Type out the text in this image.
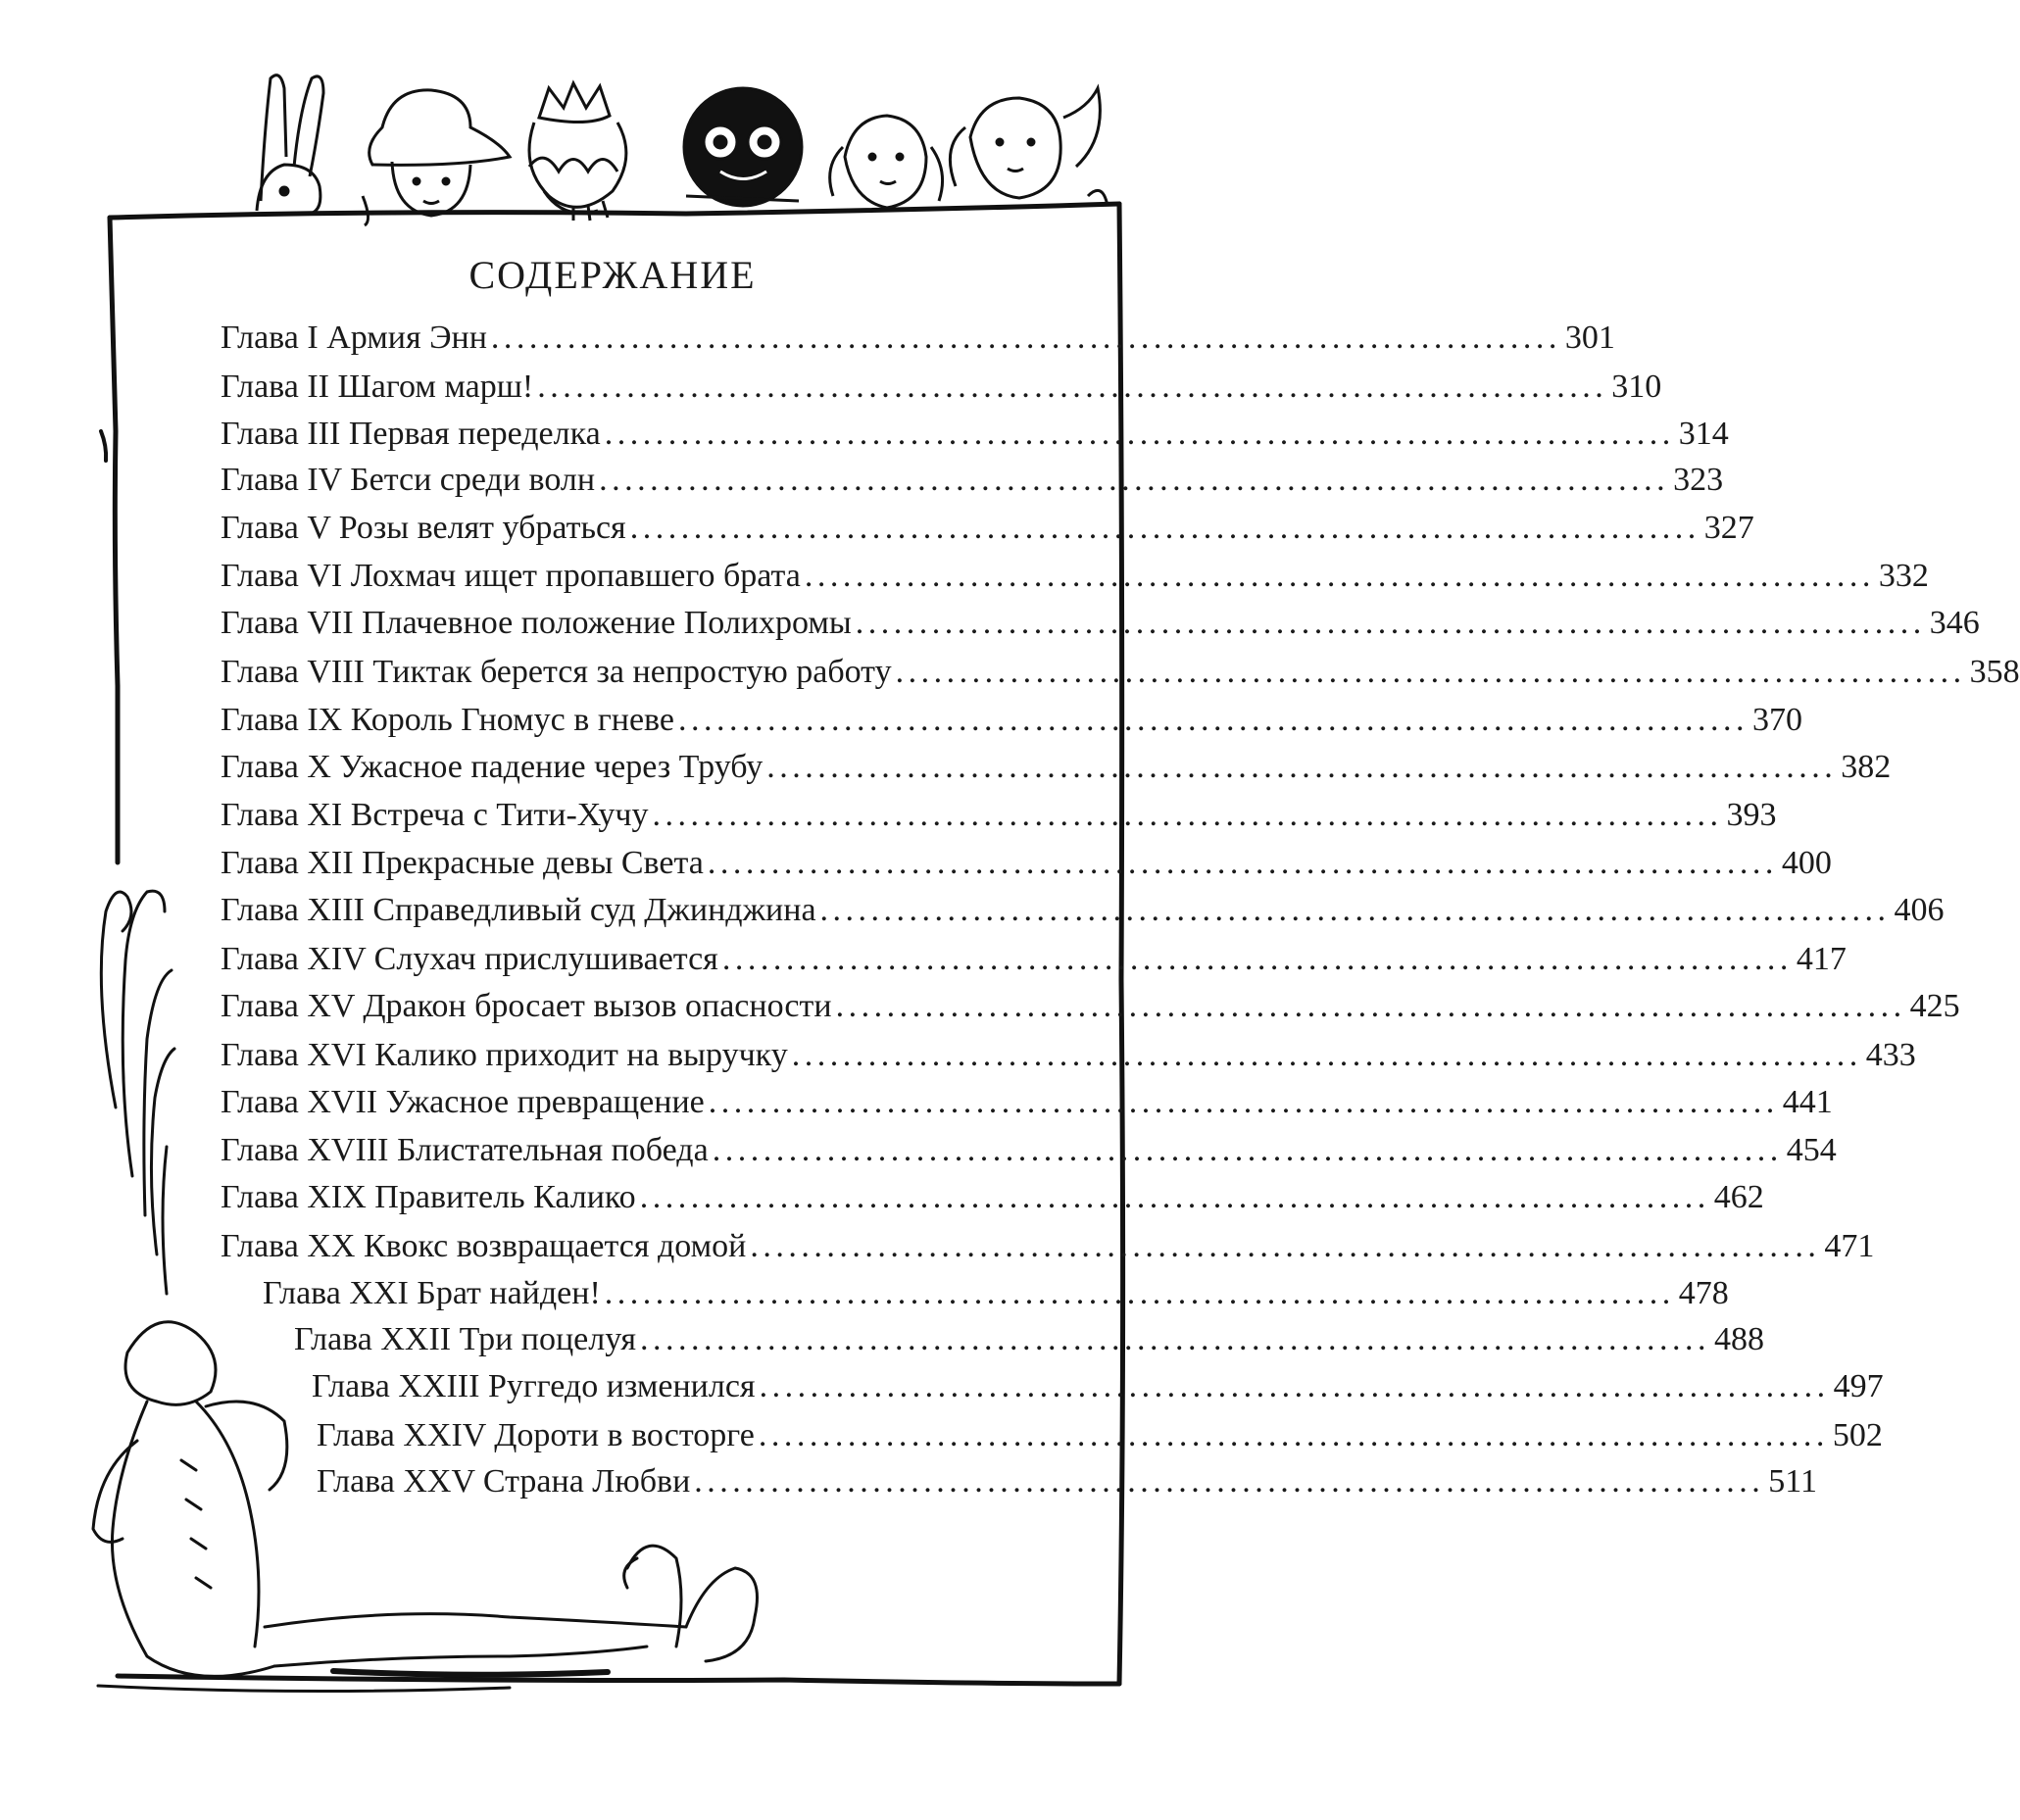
СОДЕРЖАНИЕ
Глава I Армия Энн .................................................................................... 301
Глава II Шагом марш! .................................................................................... 310
Глава III Первая переделка .................................................................................... 314
Глава IV Бетси среди волн .................................................................................... 323
Глава V Розы велят убраться .................................................................................... 327
Глава VI Лохмач ищет пропавшего брата .................................................................................... 332
Глава VII Плачевное положение Полихромы .................................................................................... 346
Глава VIII Тиктак берется за непростую работу .................................................................................... 358
Глава IX Король Гномус в гневе .................................................................................... 370
Глава X Ужасное падение через Трубу .................................................................................... 382
Глава XI Встреча с Тити-Хучу .................................................................................... 393
Глава XII Прекрасные девы Света .................................................................................... 400
Глава XIII Справедливый суд Джинджина .................................................................................... 406
Глава XIV Слухач прислушивается .................................................................................... 417
Глава XV Дракон бросает вызов опасности .................................................................................... 425
Глава XVI Калико приходит на выручку .................................................................................... 433
Глава XVII Ужасное превращение .................................................................................... 441
Глава XVIII Блистательная победа .................................................................................... 454
Глава XIX Правитель Калико .................................................................................... 462
Глава XX Квокс возвращается домой .................................................................................... 471
Глава XXI Брат найден! .................................................................................... 478
Глава XXII Три поцелуя .................................................................................... 488
Глава XXIII Руггедо изменился .................................................................................... 497
Глава XXIV Дороти в восторге .................................................................................... 502
Глава XXV Страна Любви .................................................................................... 511
